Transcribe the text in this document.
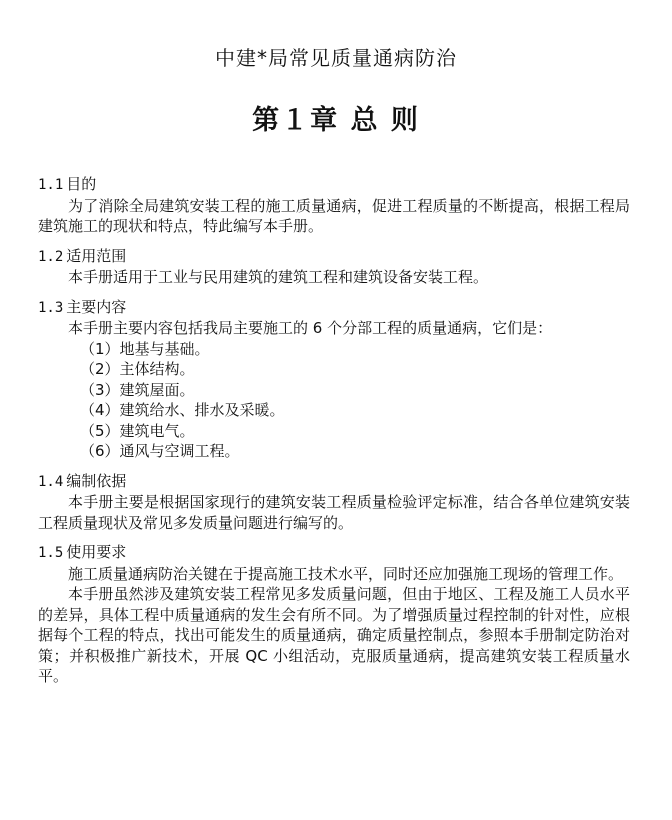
中建*局常见质量通病防治
第１章 总 则
1.1 目的

为了消除全局建筑安装工程的施工质量通病，促进工程质量的不断提高，根据工程局建筑施工的现状和特点，特此编写本手册。

1.2 适用范围

本手册适用于工业与民用建筑的建筑工程和建筑设备安装工程。

1.3 主要内容

本手册主要内容包括我局主要施工的 6 个分部工程的质量通病，它们是：

（1）地基与基础。
（2）主体结构。
（3）建筑屋面。
（4）建筑给水、排水及采暖。
（5）建筑电气。
（6）通风与空调工程。
1.4 编制依据

本手册主要是根据国家现行的建筑安装工程质量检验评定标准，结合各单位建筑安装工程质量现状及常见多发质量问题进行编写的。

1.5 使用要求

施工质量通病防治关键在于提高施工技术水平，同时还应加强施工现场的管理工作。

本手册虽然涉及建筑安装工程常见多发质量问题，但由于地区、工程及施工人员水平的差异，具体工程中质量通病的发生会有所不同。为了增强质量过程控制的针对性，应根据每个工程的特点，找出可能发生的质量通病，确定质量控制点，参照本手册制定防治对策；并积极推广新技术，开展 QC 小组活动，克服质量通病，提高建筑安装工程质量水平。
